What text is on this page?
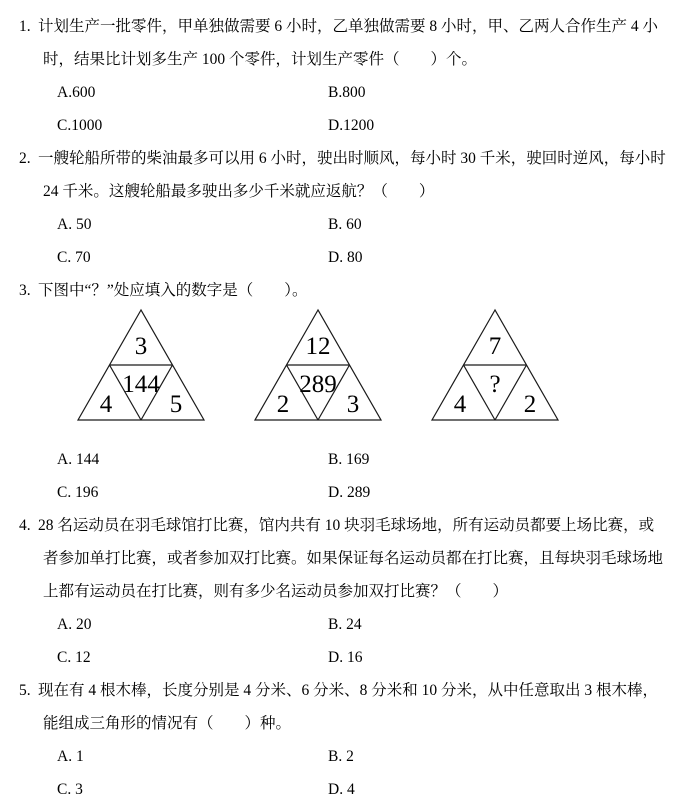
1. 计划生产一批零件，甲单独做需要 6 小时，乙单独做需要 8 小时，甲、乙两人合作生产 4 小
时，结果比计划多生产 100 个零件，计划生产零件（　　）个。
A.600	B.800
C.1000	D.1200
2. 一艘轮船所带的柴油最多可以用 6 小时，驶出时顺风，每小时 30 千米，驶回时逆风，每小时
24 千米。这艘轮船最多驶出多少千米就应返航？（　　）
A. 50	B. 60
C. 70	D. 80
3. 下图中“？”处应填入的数字是（　　）。
3
144
4 5
12
289
2 3
7
?
4 2
A. 144	B. 169
C. 196	D. 289
4. 28 名运动员在羽毛球馆打比赛，馆内共有 10 块羽毛球场地，所有运动员都要上场比赛，或
者参加单打比赛，或者参加双打比赛。如果保证每名运动员都在打比赛，且每块羽毛球场地
上都有运动员在打比赛，则有多少名运动员参加双打比赛？（　　）
A. 20	B. 24
C. 12	D. 16
5. 现在有 4 根木棒，长度分别是 4 分米、6 分米、8 分米和 10 分米，从中任意取出 3 根木棒，
能组成三角形的情况有（　　）种。
A. 1	B. 2
C. 3	D. 4
